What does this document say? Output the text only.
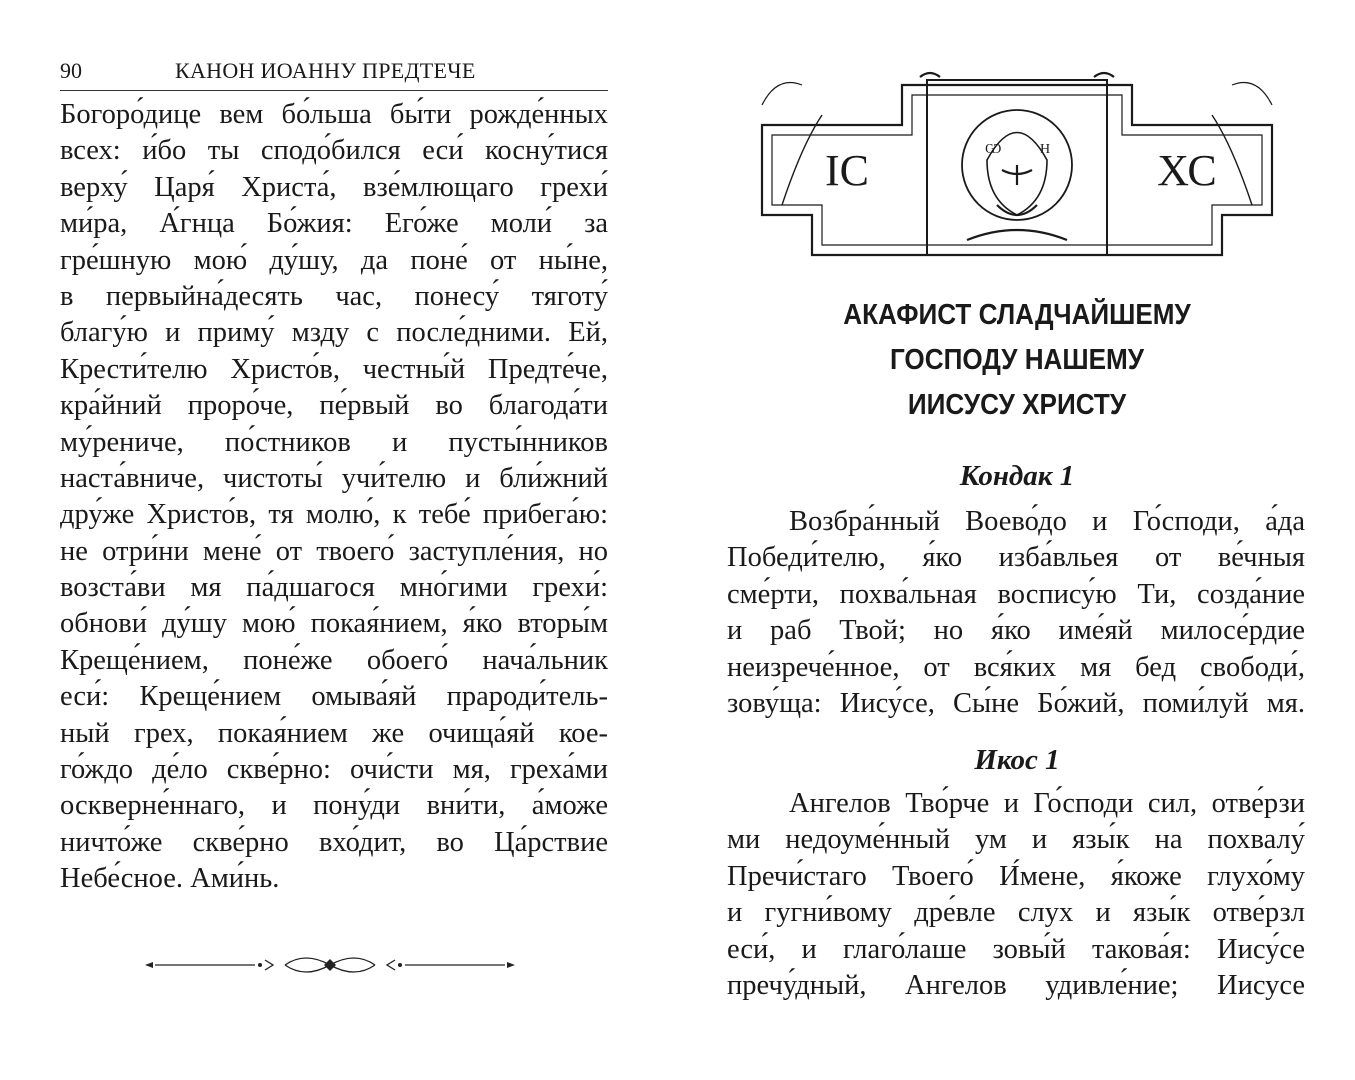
90	КАНОН ИОАННУ ПРЕДТЕЧЕ
Богоро́дице вем бо́льша бы́ти рожде́нных
всех: и́бо ты сподо́бился еси́ косну́тися
верху́ Царя́ Христа́, взе́млющаго грехи́
ми́ра, А́гнца Бо́жия: Его́же моли́ за
гре́шную мою́ ду́шу, да поне́ от ны́не,
в первыйна́десять час, понесу́ тяготу́
благу́ю и приму́ мзду с после́дними. Ей,
Крести́телю Христо́в, честны́й Предте́че,
кра́йний проро́че, пе́рвый во благода́ти
му́рениче, по́стников и пусты́нников
наста́вниче, чистоты́ учи́телю и бли́жний
дру́же Христо́в, тя молю́, к тебе́ прибега́ю:
не отри́ни мене́ от твоего́ заступле́ния, но
возста́ви мя па́дшагося мно́гими грехи́:
обнови́ ду́шу мою́ покая́нием, я́ко вторы́м
Креще́нием, поне́же обоего́ нача́льник
еси́: Креще́нием омыва́яй прароди́тель-
ный грех, покая́нием же очища́яй кое-
го́ждо де́ло скве́рно: очи́сти мя, греха́ми
оскверне́ннаго, и пону́ди вни́ти, а́може
ничто́же скве́рно вхо́дит, во Ца́рствие
Небе́сное. Ами́нь.
ІС	ХС
Ѡ	Н
АКАФИСТ СЛАДЧАЙШЕМУ
ГОСПОДУ НАШЕМУ
ИИСУСУ ХРИСТУ
Кондак 1
Возбра́нный Воево́до и Го́споди, а́да
Победи́телю, я́ко изба́вльея от ве́чныя
сме́рти, похва́льная воспису́ю Ти, созда́ние
и раб Твой; но я́ко име́яй милосе́рдие
неизрече́нное, от вся́ких мя бед свободи́,
зову́ща: Иису́се, Сы́не Бо́жий, поми́луй мя.
Икос 1
Ангелов Тво́рче и Го́споди сил, отве́рзи
ми недоуме́нный ум и язы́к на похвалу́
Пречи́стаго Твоего́ И́мене, я́коже глухо́му
и гугни́вому дре́вле слух и язы́к отве́рзл
еси́, и глаго́лаше зовы́й такова́я: Иису́се
пречу́дный, Ангелов удивле́ние; Иисусе
